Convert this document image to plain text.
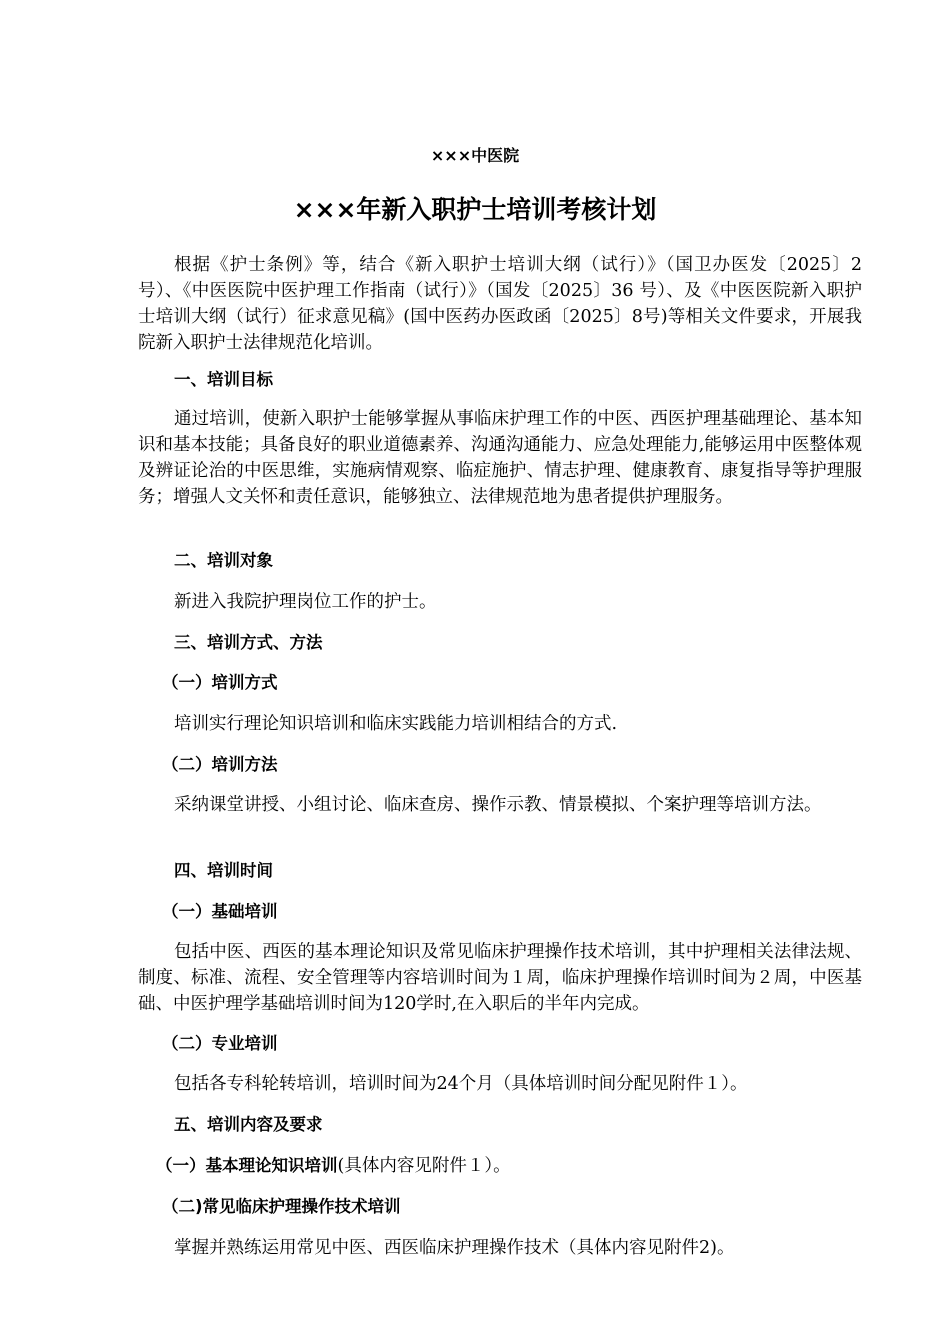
×××中医院
×××年新入职护士培训考核计划

根据《护士条例》等，结合《新入职护士培训大纲（试行）》（国卫办医发〔2025〕2 号）、《中医医院中医护理工作指南（试行）》（国发〔2025〕36 号）、及《中医医院新入职护士培训大纲（试行）征求意见稿》(国中医药办医政函〔2025〕8号)等相关文件要求，开展我院新入职护士法律规范化培训。

一、培训目标

通过培训，使新入职护士能够掌握从事临床护理工作的中医、西医护理基础理论、基本知识和基本技能；具备良好的职业道德素养、沟通沟通能力、应急处理能力,能够运用中医整体观及辨证论治的中医思维，实施病情观察、临症施护、情志护理、健康教育、康复指导等护理服务；增强人文关怀和责任意识，能够独立、法律规范地为患者提供护理服务。

二、培训对象

新进入我院护理岗位工作的护士。

三、培训方式、方法
（一）培训方式

培训实行理论知识培训和临床实践能力培训相结合的方式.

（二）培训方法

采纳课堂讲授、小组讨论、临床查房、操作示教、情景模拟、个案护理等培训方法。

四、培训时间
（一）基础培训

包括中医、西医的基本理论知识及常见临床护理操作技术培训，其中护理相关法律法规、制度、标准、流程、安全管理等内容培训时间为１周，临床护理操作培训时间为２周，中医基础、中医护理学基础培训时间为120学时,在入职后的半年内完成。

（二）专业培训

包括各专科轮转培训，培训时间为24个月（具体培训时间分配见附件１）。

五、培训内容及要求
（一）基本理论知识培训(具体内容见附件１）。
（二)常见临床护理操作技术培训

掌握并熟练运用常见中医、西医临床护理操作技术（具体内容见附件2)。
